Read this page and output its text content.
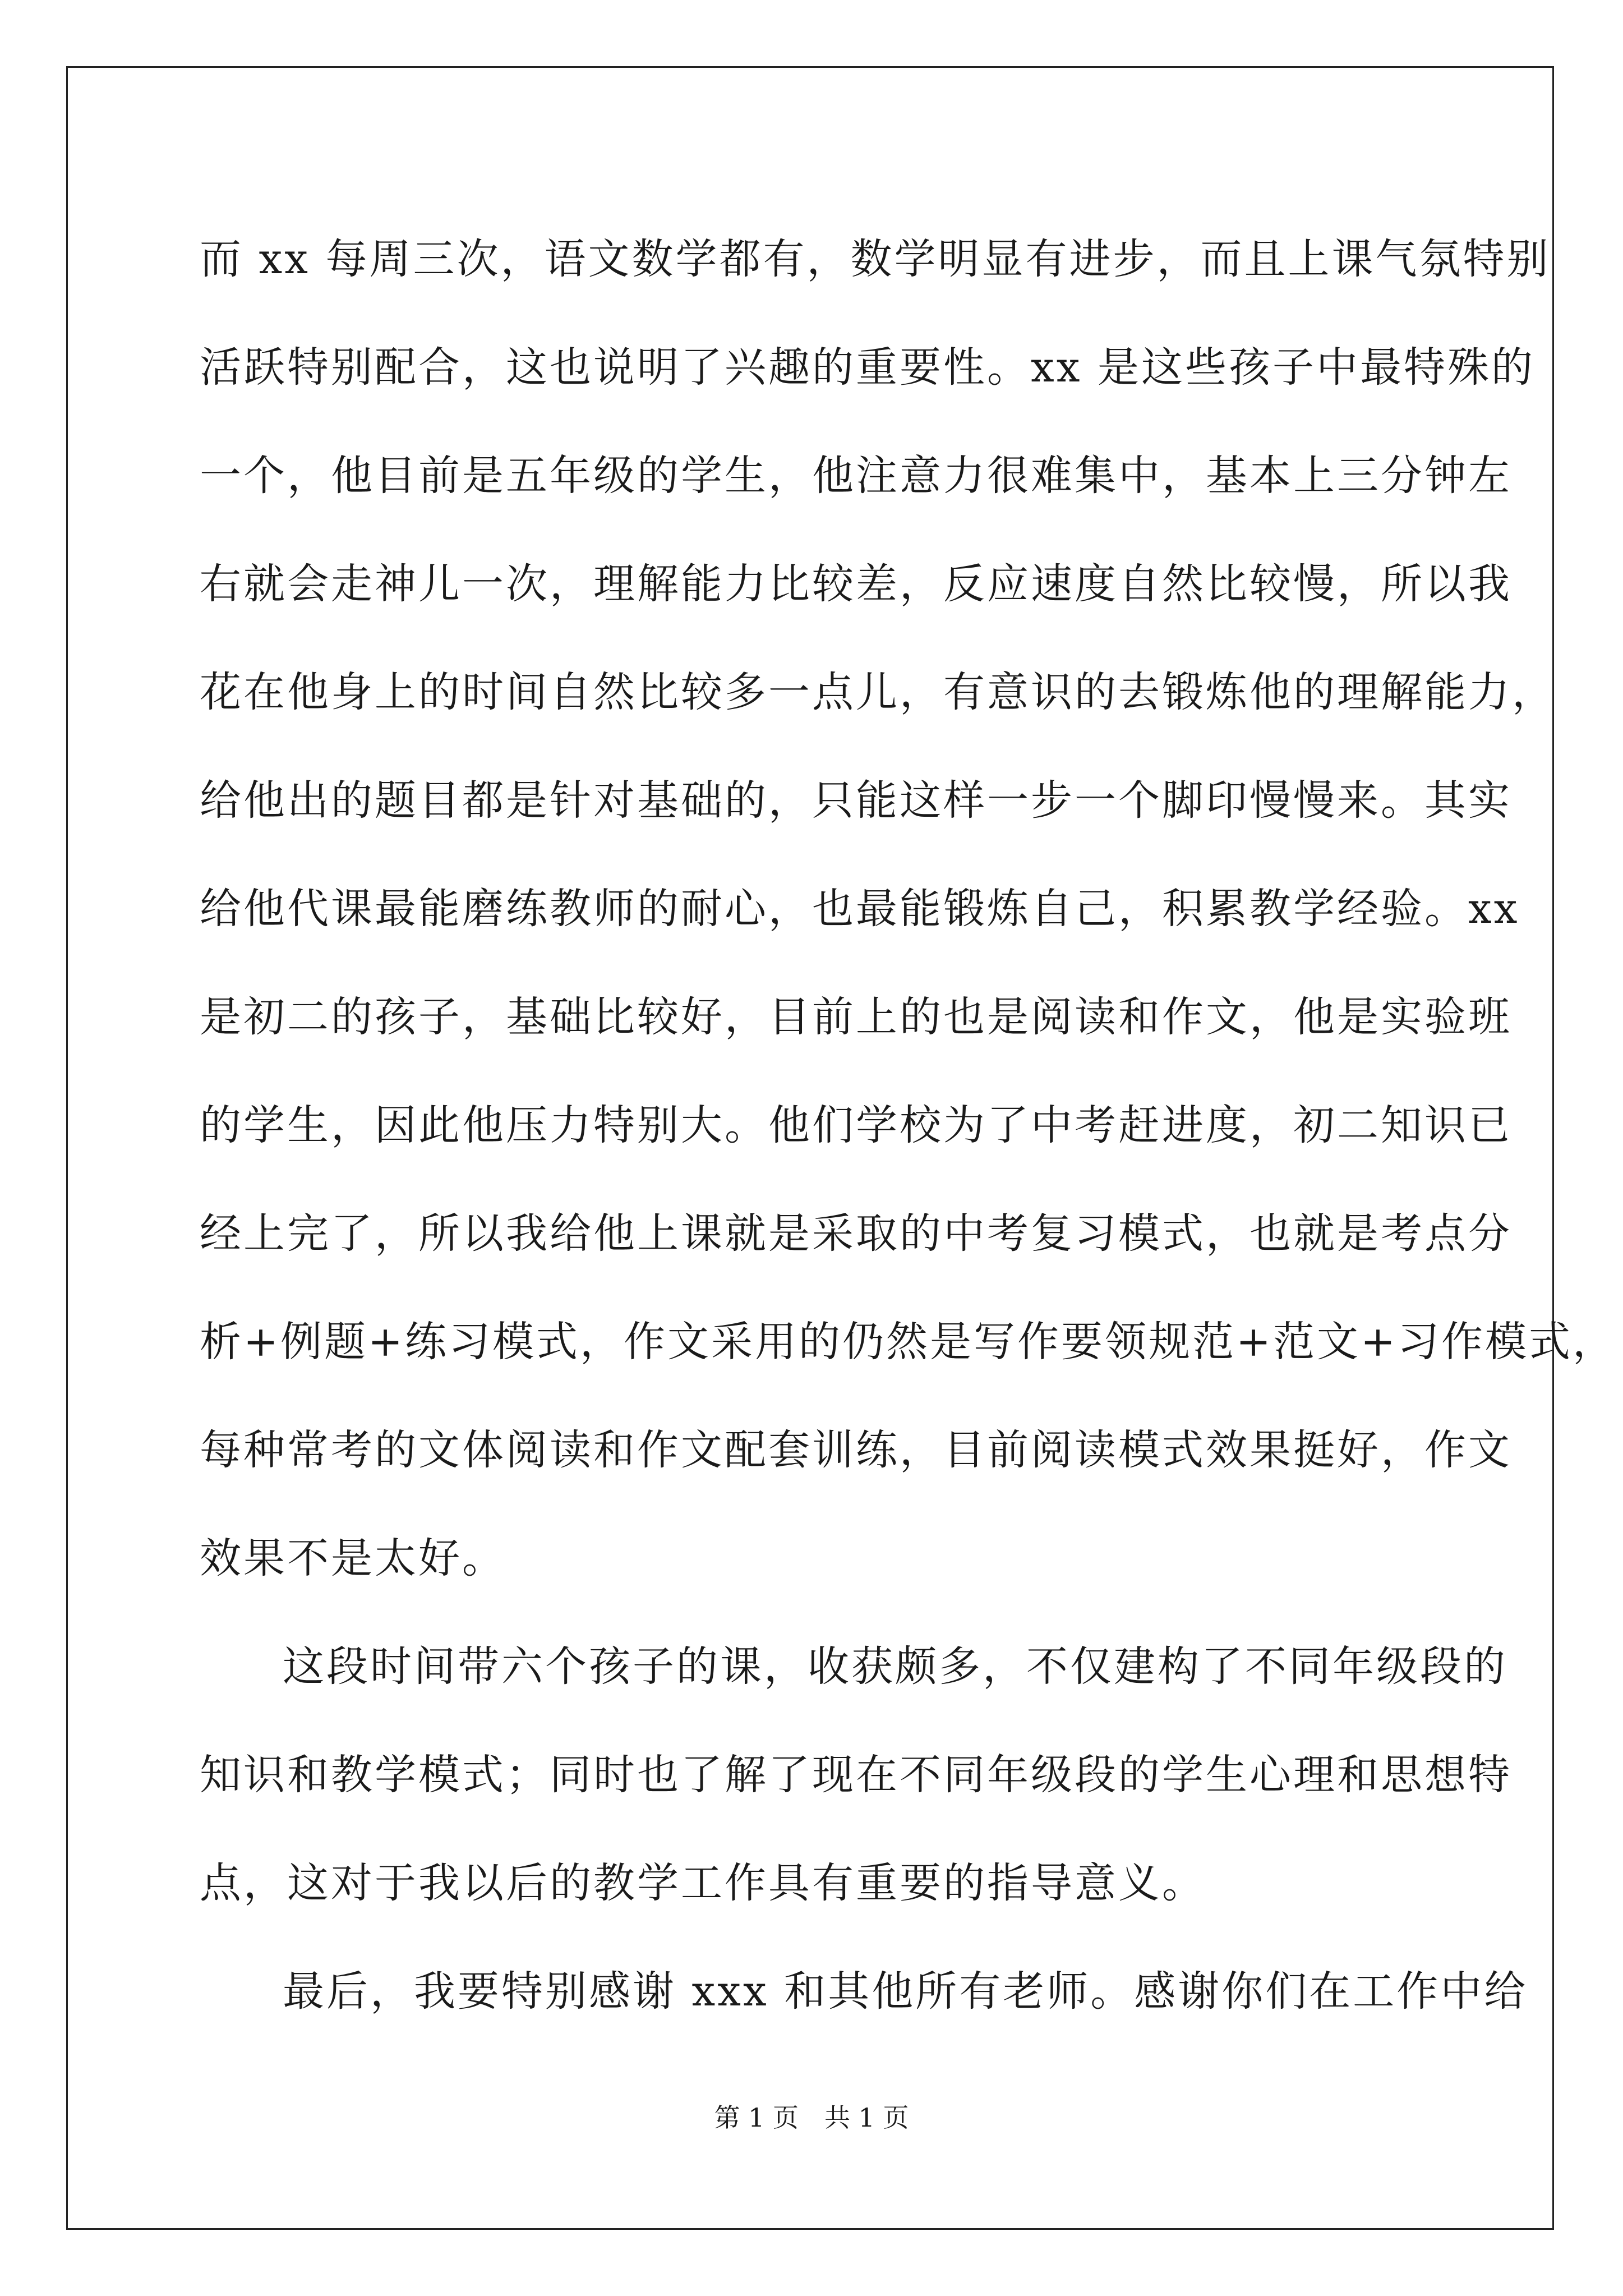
而 xx 每周三次，语文数学都有，数学明显有进步，而且上课气氛特别

活跃特别配合，这也说明了兴趣的重要性。xx 是这些孩子中最特殊的

一个，他目前是五年级的学生，他注意力很难集中，基本上三分钟左

右就会走神儿一次，理解能力比较差，反应速度自然比较慢，所以我

花在他身上的时间自然比较多一点儿，有意识的去锻炼他的理解能力，

给他出的题目都是针对基础的，只能这样一步一个脚印慢慢来。其实

给他代课最能磨练教师的耐心，也最能锻炼自己，积累教学经验。xx

是初二的孩子，基础比较好，目前上的也是阅读和作文，他是实验班

的学生，因此他压力特别大。他们学校为了中考赶进度，初二知识已

经上完了，所以我给他上课就是采取的中考复习模式，也就是考点分

析+例题+练习模式，作文采用的仍然是写作要领规范+范文+习作模式，

每种常考的文体阅读和作文配套训练，目前阅读模式效果挺好，作文

效果不是太好。

这段时间带六个孩子的课，收获颇多，不仅建构了不同年级段的

知识和教学模式；同时也了解了现在不同年级段的学生心理和思想特

点，这对于我以后的教学工作具有重要的指导意义。

最后，我要特别感谢 xxx 和其他所有老师。感谢你们在工作中给

第 1 页 共 1 页
